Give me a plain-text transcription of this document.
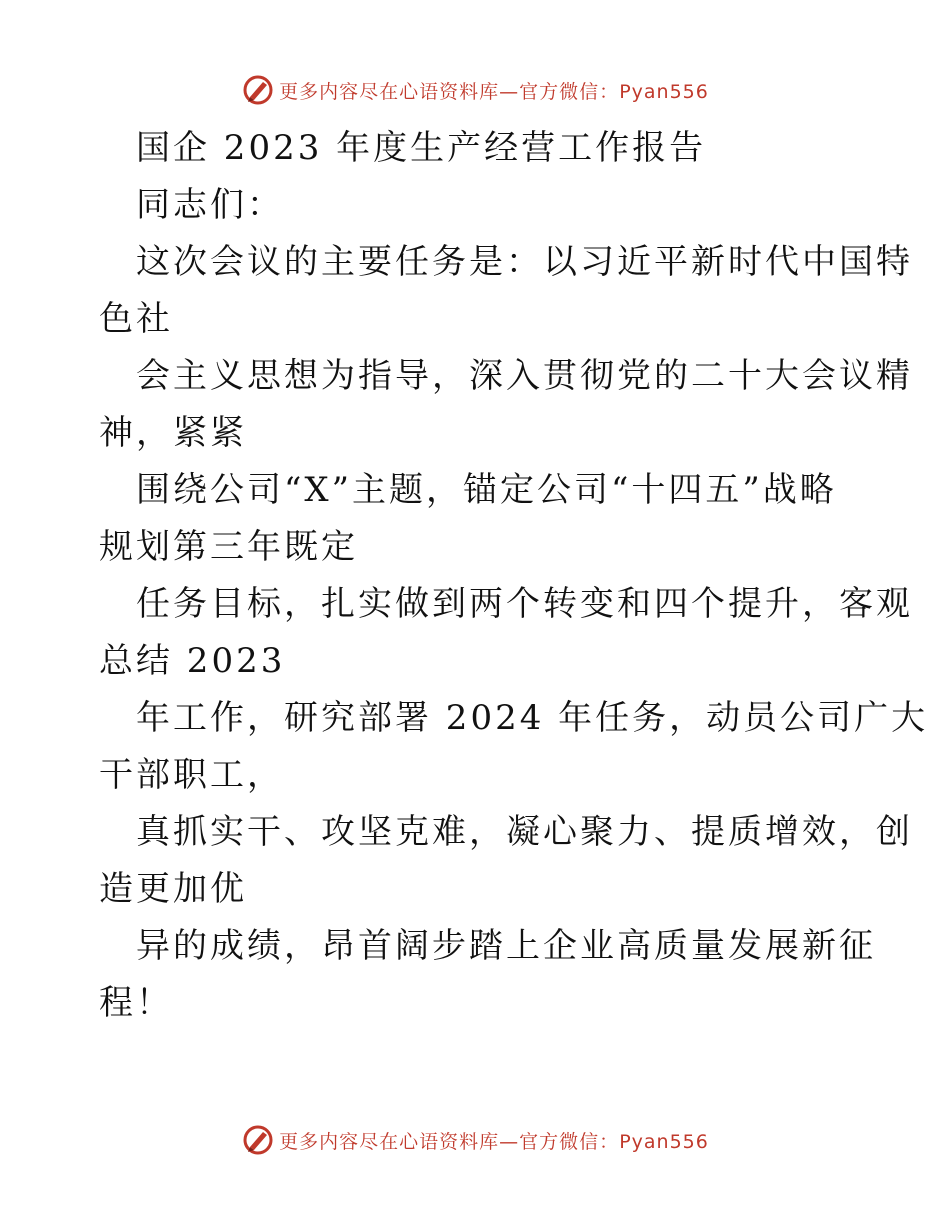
更多内容尽在心语资料库—官方微信：Pyan556
国企 2023 年度生产经营工作报告
同志们：
这次会议的主要任务是：以习近平新时代中国特
色社
会主义思想为指导，深入贯彻党的二十大会议精
神，紧紧
围绕公司“X”主题，锚定公司“十四五”战略
规划第三年既定
任务目标，扎实做到两个转变和四个提升，客观
总结 2023
年工作，研究部署 2024 年任务，动员公司广大
干部职工，
真抓实干、攻坚克难，凝心聚力、提质增效，创
造更加优
异的成绩，昂首阔步踏上企业高质量发展新征
程！
更多内容尽在心语资料库—官方微信：Pyan556
